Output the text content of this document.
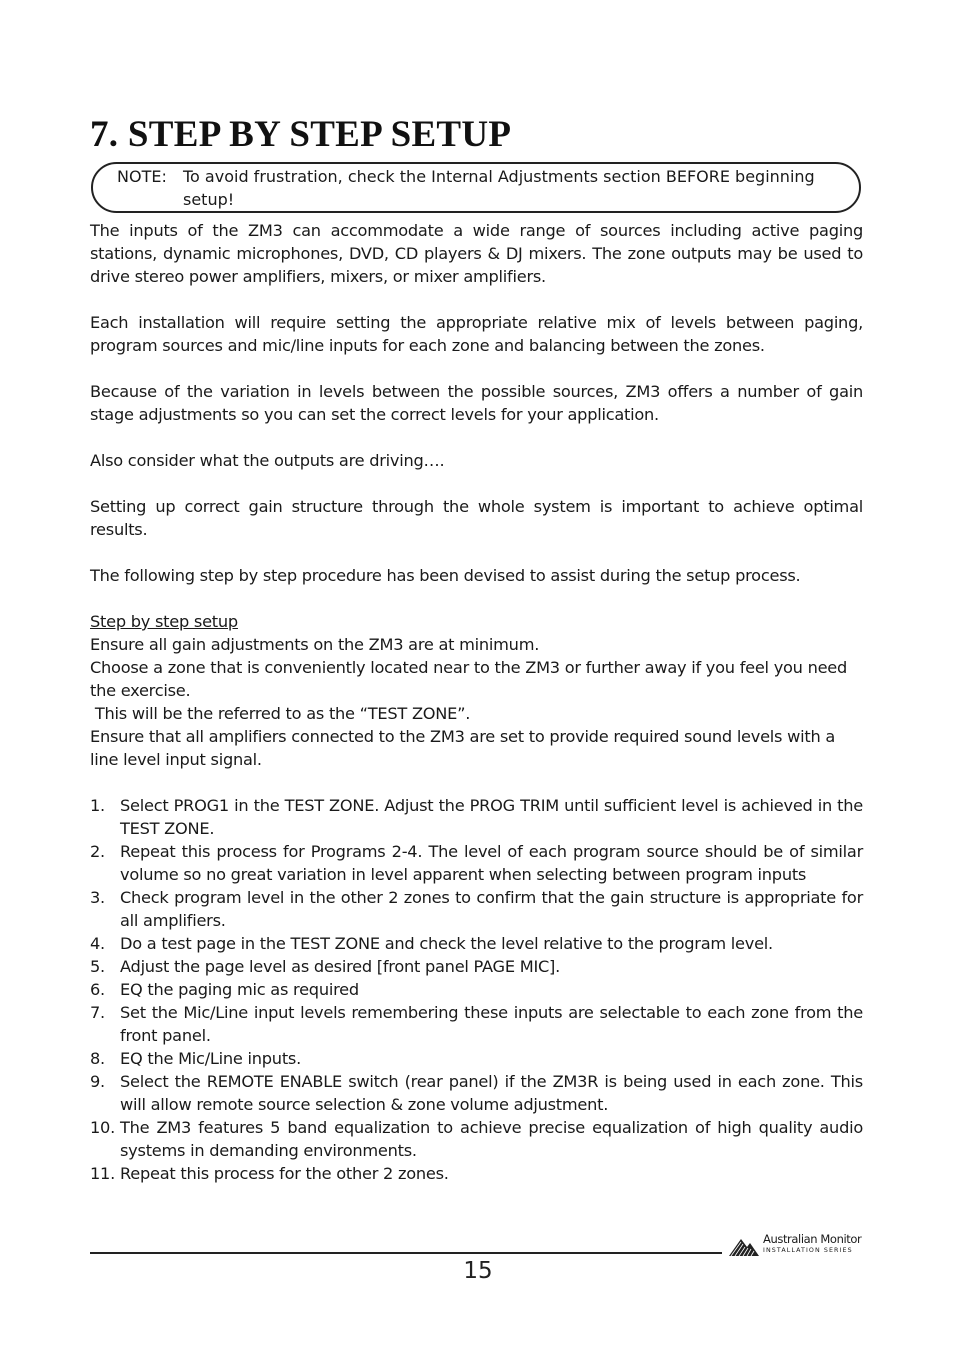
7. STEP BY STEP SETUP
NOTE: To avoid frustration, check the Internal Adjustments section BEFORE beginning setup!

The inputs of the ZM3 can accommodate a wide range of sources including active paging stations, dynamic microphones, DVD, CD players & DJ mixers. The zone outputs may be used to drive stereo power amplifiers, mixers, or mixer amplifiers.

Each installation will require setting the appropriate relative mix of levels between paging, program sources and mic/line inputs for each zone and balancing between the zones.

Because of the variation in levels between the possible sources, ZM3 offers a number of gain stage adjustments so you can set the correct levels for your application.

Also consider what the outputs are driving….

Setting up correct gain structure through the whole system is important to achieve optimal results.

The following step by step procedure has been devised to assist during the setup process.

Step by step setup
Ensure all gain adjustments on the ZM3 are at minimum.
Choose a zone that is conveniently located near to the ZM3 or further away if you feel you need the exercise.
This will be the referred to as the “TEST ZONE”.
Ensure that all amplifiers connected to the ZM3 are set to provide required sound levels with a line level input signal.
1. Select PROG1 in the TEST ZONE. Adjust the PROG TRIM until sufficient level is achieved in the TEST ZONE.
2. Repeat this process for Programs 2-4. The level of each program source should be of similar volume so no great variation in level apparent when selecting between program inputs
3. Check program level in the other 2 zones to confirm that the gain structure is appropriate for all amplifiers.
4. Do a test page in the TEST ZONE and check the level relative to the program level.
5. Adjust the page level as desired [front panel PAGE MIC].
6. EQ the paging mic as required
7. Set the Mic/Line input levels remembering these inputs are selectable to each zone from the front panel.
8. EQ the Mic/Line inputs.
9. Select the REMOTE ENABLE switch (rear panel) if the ZM3R is being used in each zone. This will allow remote source selection & zone volume adjustment.
10. The ZM3 features 5 band equalization to achieve precise equalization of high quality audio systems in demanding environments.
11. Repeat this process for the other 2 zones.
15
Australian Monitor
INSTALLATION SERIES
